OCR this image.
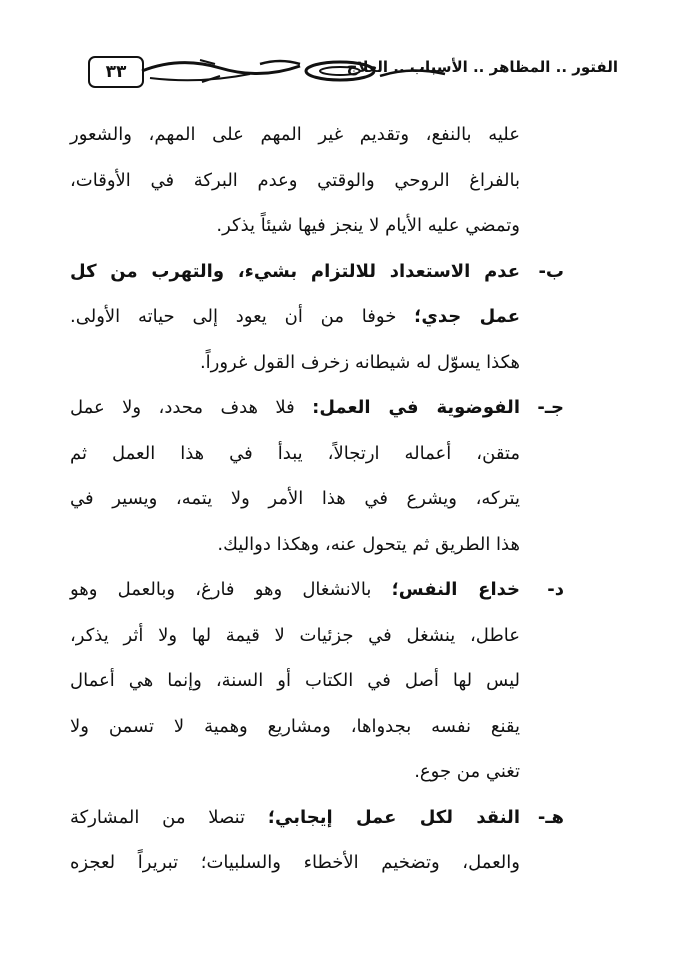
٣٣	الفتور .. المظاهر .. الأسباب .. العلاج
عليه بالنفع، وتقديم غير المهم على المهم، والشعور
بالفراغ الروحي والوقتي وعدم البركة في الأوقات،
وتمضي عليه الأيام لا ينجز فيها شيئاً يذكر.
ب-
عدم الاستعداد للالتزام بشيء، والتهرب من كل
عمل جدي؛ خوفا من أن يعود إلى حياته الأولى.
هكذا يسوّل له شيطانه زخرف القول غروراً.
جـ-
الفوضوية في العمل: فلا هدف محدد، ولا عمل
متقن، أعماله ارتجالاً، يبدأ في هذا العمل ثم
يتركه، ويشرع في هذا الأمر ولا يتمه، ويسير في
هذا الطريق ثم يتحول عنه، وهكذا دواليك.
د-
خداع النفس؛ بالانشغال وهو فارغ، وبالعمل وهو
عاطل، ينشغل في جزئيات لا قيمة لها ولا أثر يذكر،
ليس لها أصل في الكتاب أو السنة، وإنما هي أعمال
يقنع نفسه بجدواها، ومشاريع وهمية لا تسمن ولا
تغني من جوع.
هـ-
النقد لكل عمل إيجابي؛ تنصلا من المشاركة
والعمل، وتضخيم الأخطاء والسلبيات؛ تبريراً لعجزه
